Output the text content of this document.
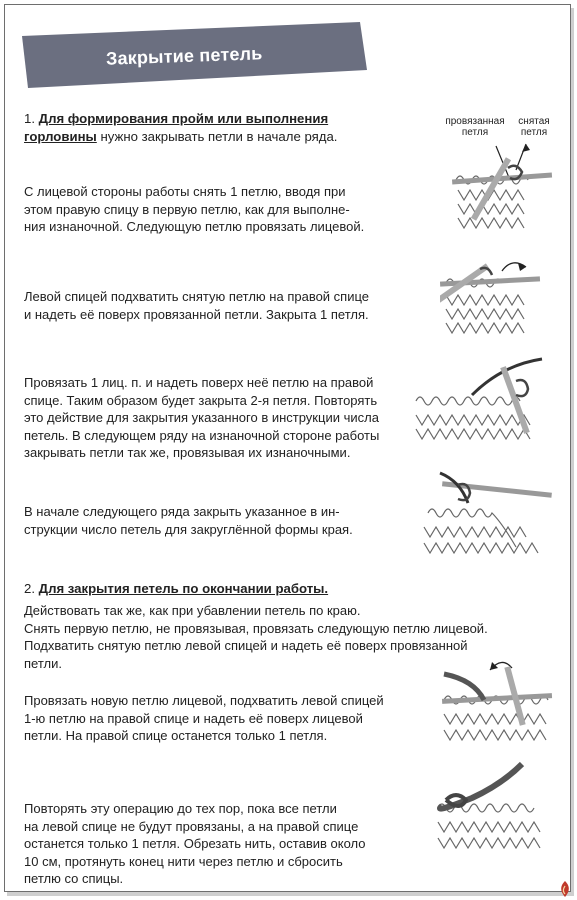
Закрытие петель
1. Для формирования пройм или выполнения горловины нужно закрывать петли в начале ряда.
С лицевой стороны работы снять 1 петлю, вводя при
этом правую спицу в первую петлю, как для выполне-
ния изнаночной. Следующую петлю провязать лицевой.
Левой спицей подхватить снятую петлю на правой спице
и надеть её поверх провязанной петли. Закрыта 1 петля.
Провязать 1 лиц. п. и надеть поверх неё петлю на правой
спице. Таким образом будет закрыта 2-я петля. Повторять
это действие для закрытия указанного в инструкции числа
петель. В следующем ряду на изнаночной стороне работы
закрывать петли так же, провязывая их изнаночными.
В начале следующего ряда закрыть указанное в ин-
струкции число петель для закруглённой формы края.
2. Для закрытия петель по окончании работы.
Действовать так же, как при убавлении петель по краю.
Снять первую петлю, не провязывая, провязать следующую петлю лицевой.
Подхватить снятую петлю левой спицей и надеть её поверх провязанной
петли.
Провязать новую петлю лицевой, подхватить левой спицей
1-ю петлю на правой спице и надеть её поверх лицевой
петли. На правой спице останется только 1 петля.
Повторять эту операцию до тех пор, пока все петли
на левой спице не будут провязаны, а на правой спице
останется только 1 петля. Обрезать нить, оставив около
10 см, протянуть конец нити через петлю и сбросить
петлю со спицы.
провязанная
петля
снятая
петля
